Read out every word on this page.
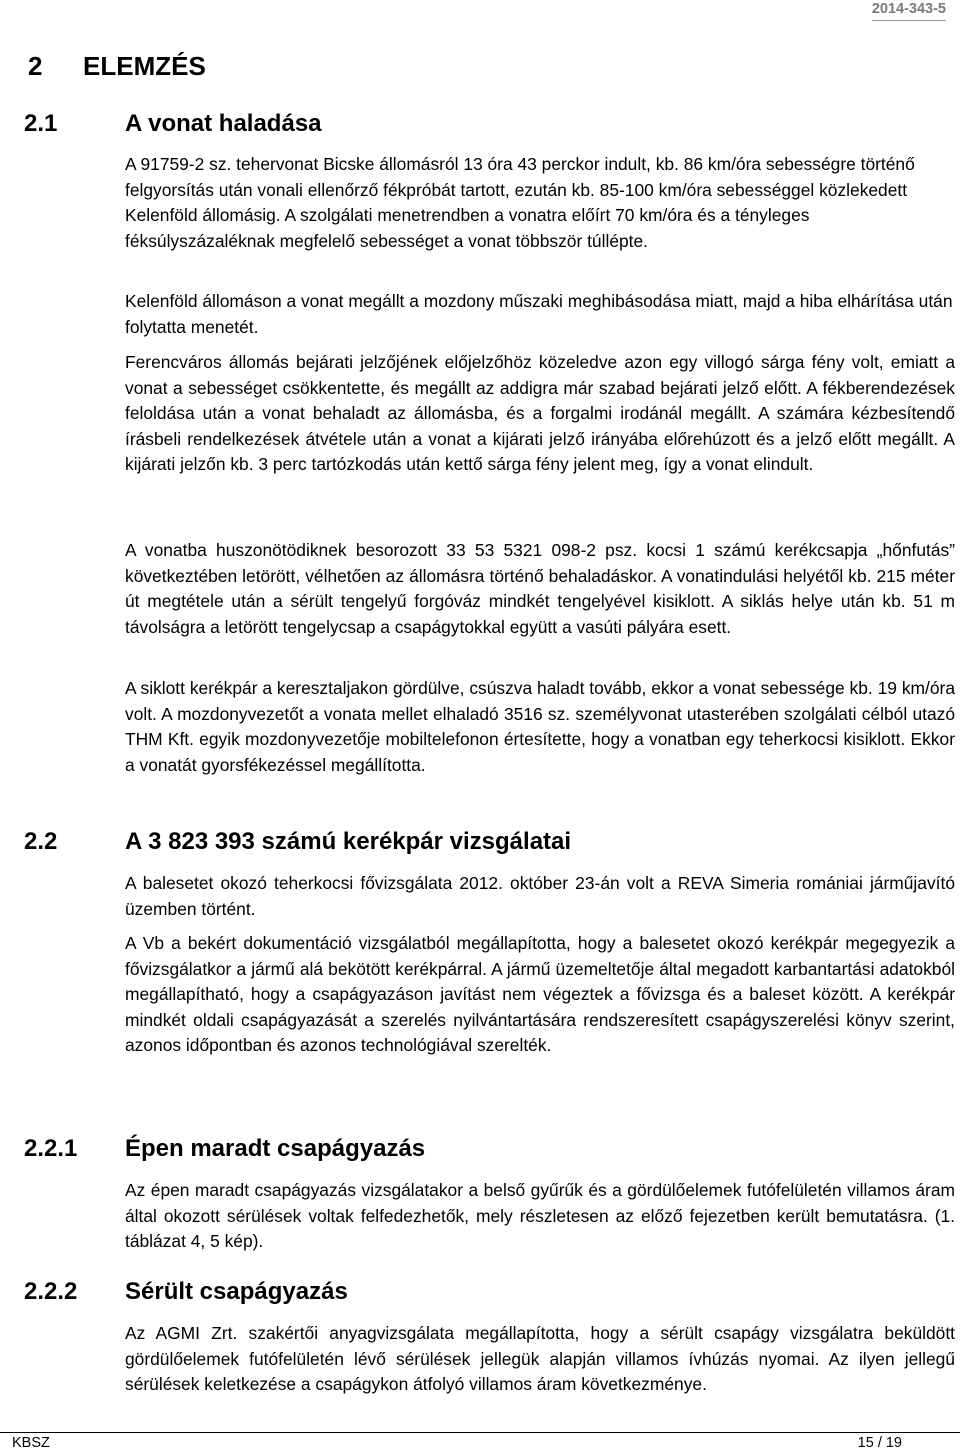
2014-343-5
2 ELEMZÉS
2.1	A vonat haladása
A 91759-2 sz. tehervonat Bicske állomásról 13 óra 43 perckor indult, kb. 86 km/óra sebességre történő felgyorsítás után vonali ellenőrző fékpróbát tartott, ezután kb. 85-100 km/óra sebességgel közlekedett Kelenföld állomásig. A szolgálati menetrendben a vonatra előírt 70 km/óra és a tényleges féksúlyszázaléknak megfelelő sebességet a vonat többször túllépte.
Kelenföld állomáson a vonat megállt a mozdony műszaki meghibásodása miatt, majd a hiba elhárítása után folytatta menetét.
Ferencváros állomás bejárati jelzőjének előjelzőhöz közeledve azon egy villogó sárga fény volt, emiatt a vonat a sebességet csökkentette, és megállt az addigra már szabad bejárati jelző előtt. A fékberendezések feloldása után a vonat behaladt az állomásba, és a forgalmi irodánál megállt. A számára kézbesítendő írásbeli rendelkezések átvétele után a vonat a kijárati jelző irányába előrehúzott és a jelző előtt megállt. A kijárati jelzőn kb. 3 perc tartózkodás után kettő sárga fény jelent meg, így a vonat elindult.
A vonatba huszonötödiknek besorozott 33 53 5321 098-2 psz. kocsi 1 számú kerékcsapja „hőnfutás” következtében letörött, vélhetően az állomásra történő behaladáskor. A vonatindulási helyétől kb. 215 méter út megtétele után a sérült tengelyű forgóváz mindkét tengelyével kisiklott. A siklás helye után kb. 51 m távolságra a letörött tengelycsap a csapágytokkal együtt a vasúti pályára esett.
A siklott kerékpár a keresztaljakon gördülve, csúszva haladt tovább, ekkor a vonat sebessége kb. 19 km/óra volt. A mozdonyvezetőt a vonata mellet elhaladó 3516 sz. személyvonat utasterében szolgálati célból utazó THM Kft. egyik mozdonyvezetője mobiltelefonon értesítette, hogy a vonatban egy teherkocsi kisiklott. Ekkor a vonatát gyorsfékezéssel megállította.
2.2	A 3 823 393 számú kerékpár vizsgálatai
A balesetet okozó teherkocsi fővizsgálata 2012. október 23-án volt a REVA Simeria romániai járműjavító üzemben történt.
A Vb a bekért dokumentáció vizsgálatból megállapította, hogy a balesetet okozó kerékpár megegyezik a fővizsgálatkor a jármű alá bekötött kerékpárral. A jármű üzemeltetője által megadott karbantartási adatokból megállapítható, hogy a csapágyazáson javítást nem végeztek a fővizsga és a baleset között. A kerékpár mindkét oldali csapágyazását a szerelés nyilvántartására rendszeresített csapágyszerelési könyv szerint, azonos időpontban és azonos technológiával szerelték.
2.2.1 Épen maradt csapágyazás
Az épen maradt csapágyazás vizsgálatakor a belső gyűrűk és a gördülőelemek futófelületén villamos áram által okozott sérülések voltak felfedezhetők, mely részletesen az előző fejezetben került bemutatásra. (1. táblázat 4, 5 kép).
2.2.2 Sérült csapágyazás
Az AGMI Zrt. szakértői anyagvizsgálata megállapította, hogy a sérült csapágy vizsgálatra beküldött gördülőelemek futófelületén lévő sérülések jellegük alapján villamos ívhúzás nyomai. Az ilyen jellegű sérülések keletkezése a csapágykon átfolyó villamos áram következménye.
KBSZ	15 / 19
